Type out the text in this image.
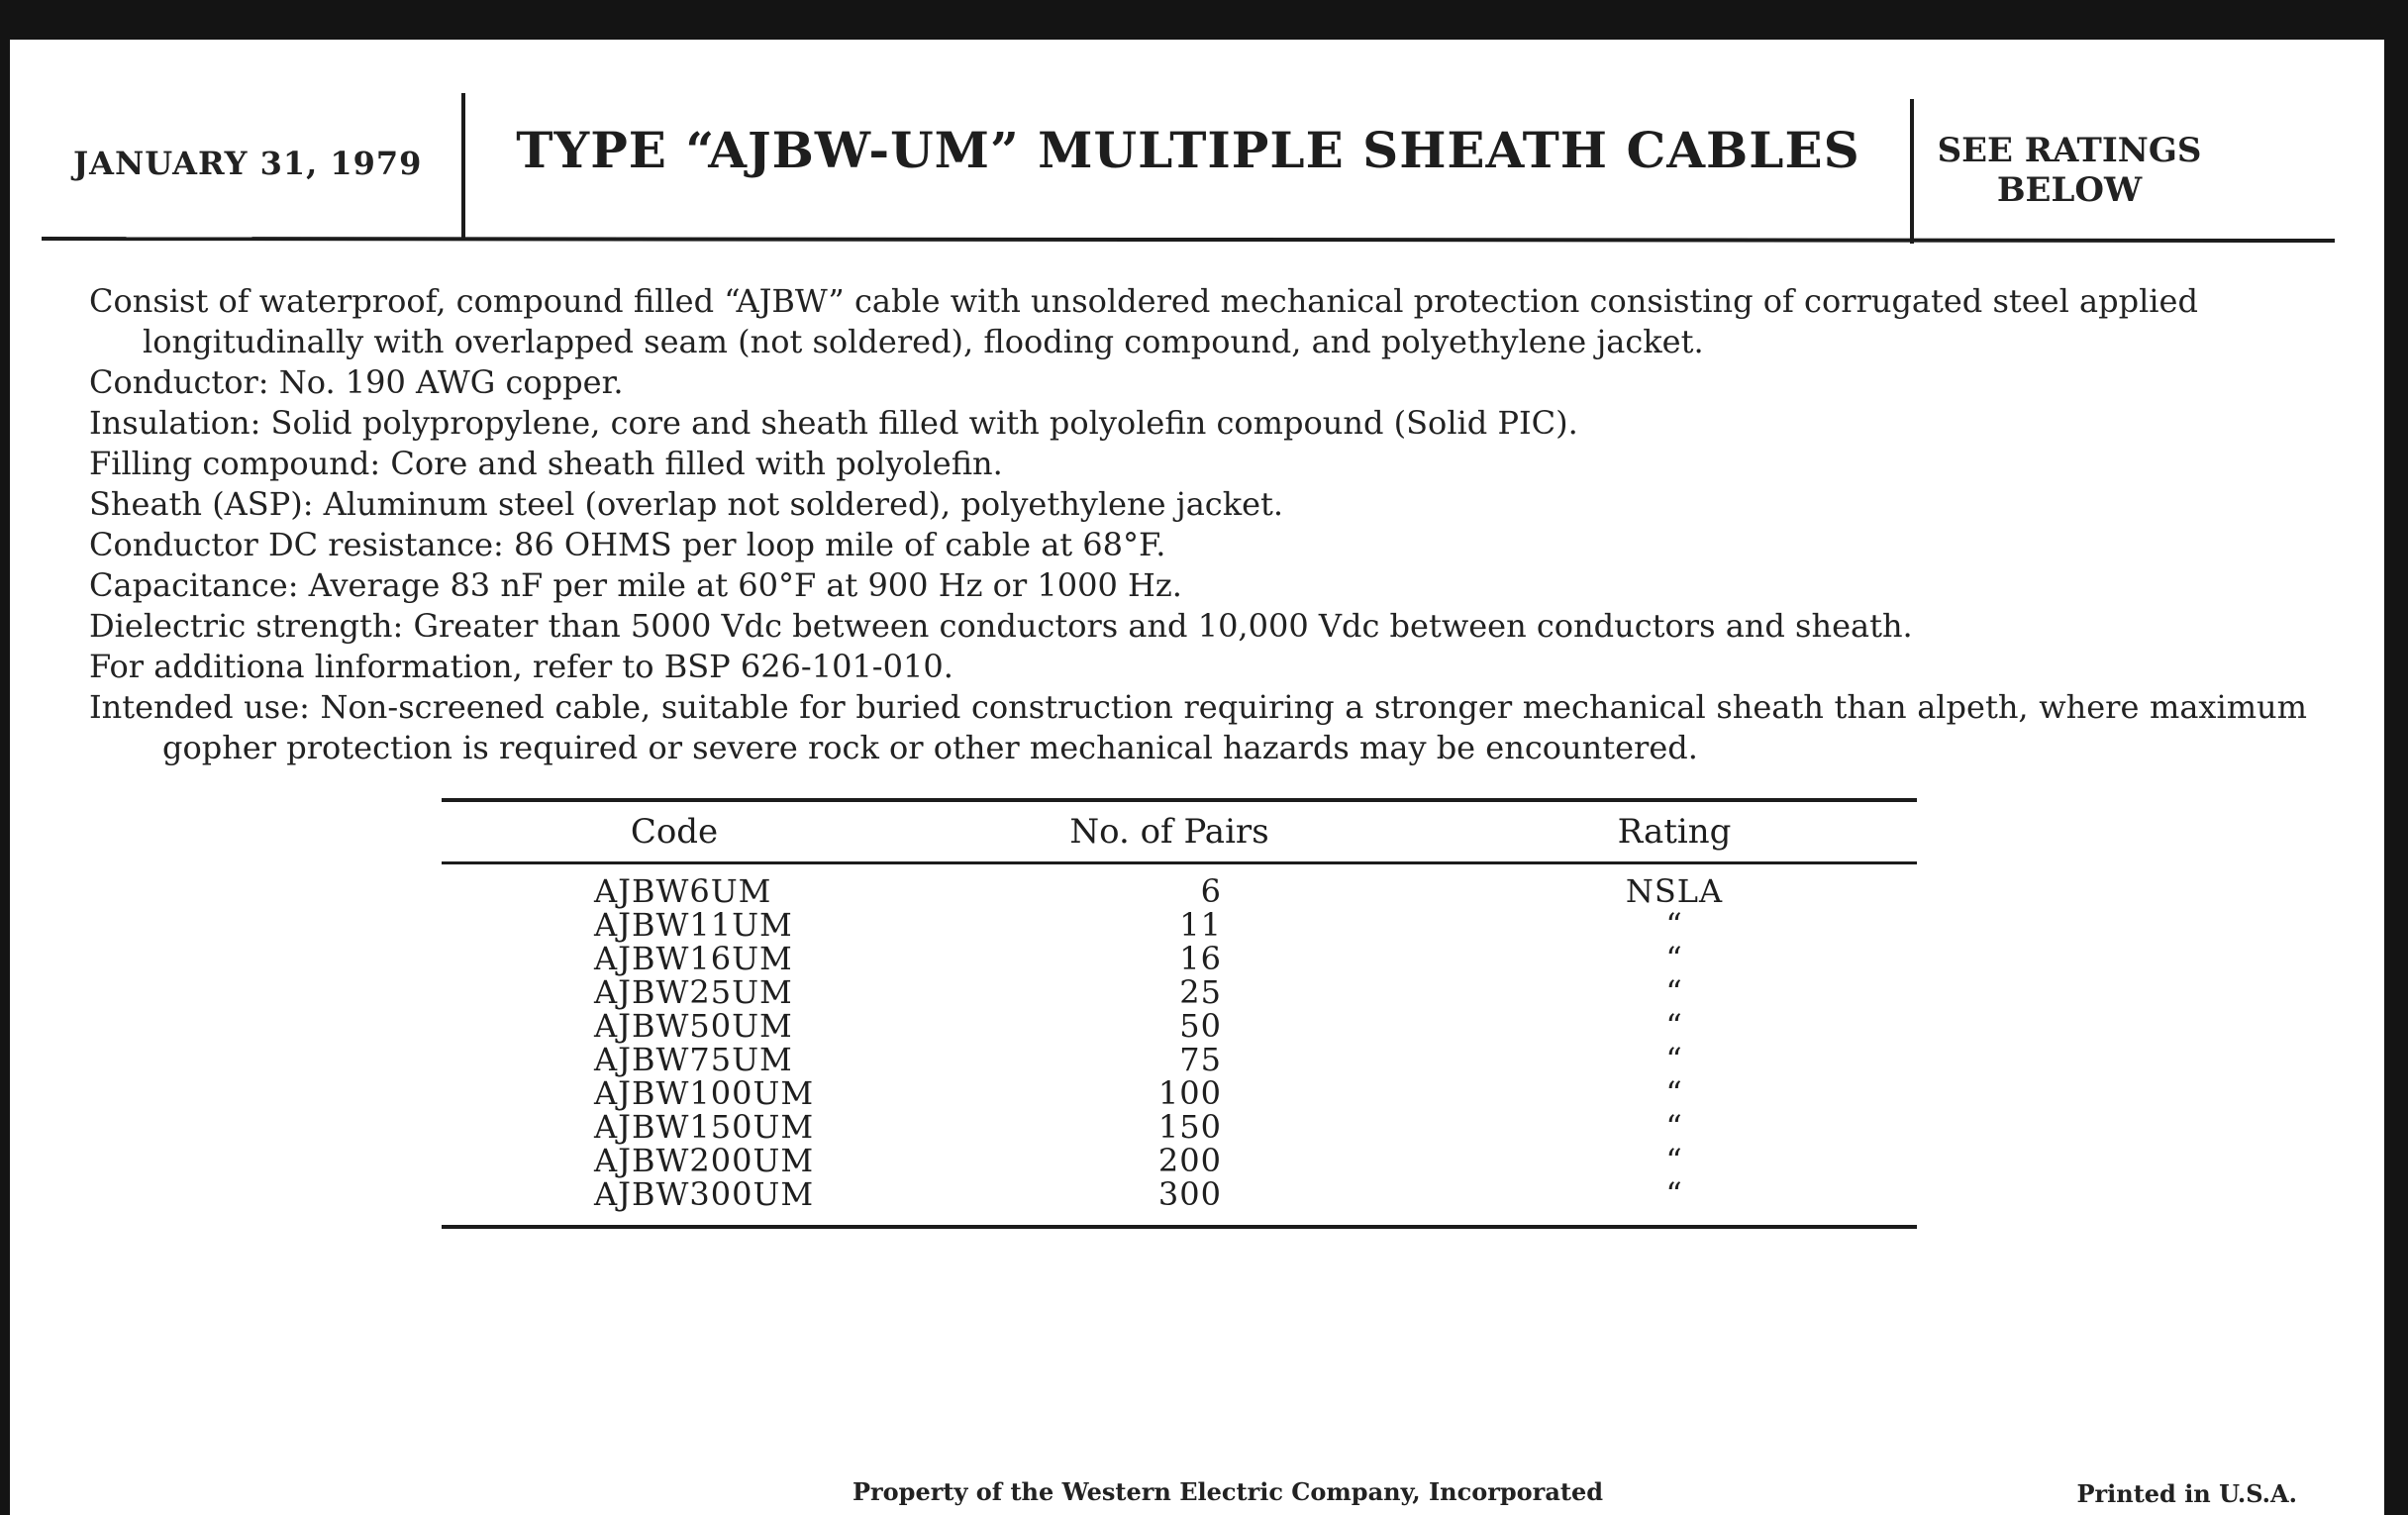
JANUARY 31, 1979	TYPE “AJBW-UM” MULTIPLE SHEATH CABLES	SEE RATINGS
BELOW

Consist of waterproof, compound filled “AJBW” cable with unsoldered mechanical protection consisting of corrugated steel applied longitudinally with overlapped seam (not soldered), flooding compound, and polyethylene jacket.

Conductor: No. 190 AWG copper.

Insulation: Solid polypropylene, core and sheath filled with polyolefin compound (Solid PIC).

Filling compound: Core and sheath filled with polyolefin.

Sheath (ASP): Aluminum steel (overlap not soldered), polyethylene jacket.

Conductor DC resistance: 86 OHMS per loop mile of cable at 68°F.

Capacitance: Average 83 nF per mile at 60°F at 900 Hz or 1000 Hz.

Dielectric strength: Greater than 5000 Vdc between conductors and 10,000 Vdc between conductors and sheath.

For additiona linformation, refer to BSP 626-101-010.

Intended use: Non-screened cable, suitable for buried construction requiring a stronger mechanical sheath than alpeth, where maximum gopher protection is required or severe rock or other mechanical hazards may be encountered.

Code	No. of Pairs	Rating
AJBW6UM	6	NSLA
AJBW11UM	11	“
AJBW16UM	16	“
AJBW25UM	25	“
AJBW50UM	50	“
AJBW75UM	75	“
AJBW100UM	100	“
AJBW150UM	150	“
AJBW200UM	200	“
AJBW300UM	300	“
Property of the Western Electric Company, Incorporated	Printed in U.S.A.
